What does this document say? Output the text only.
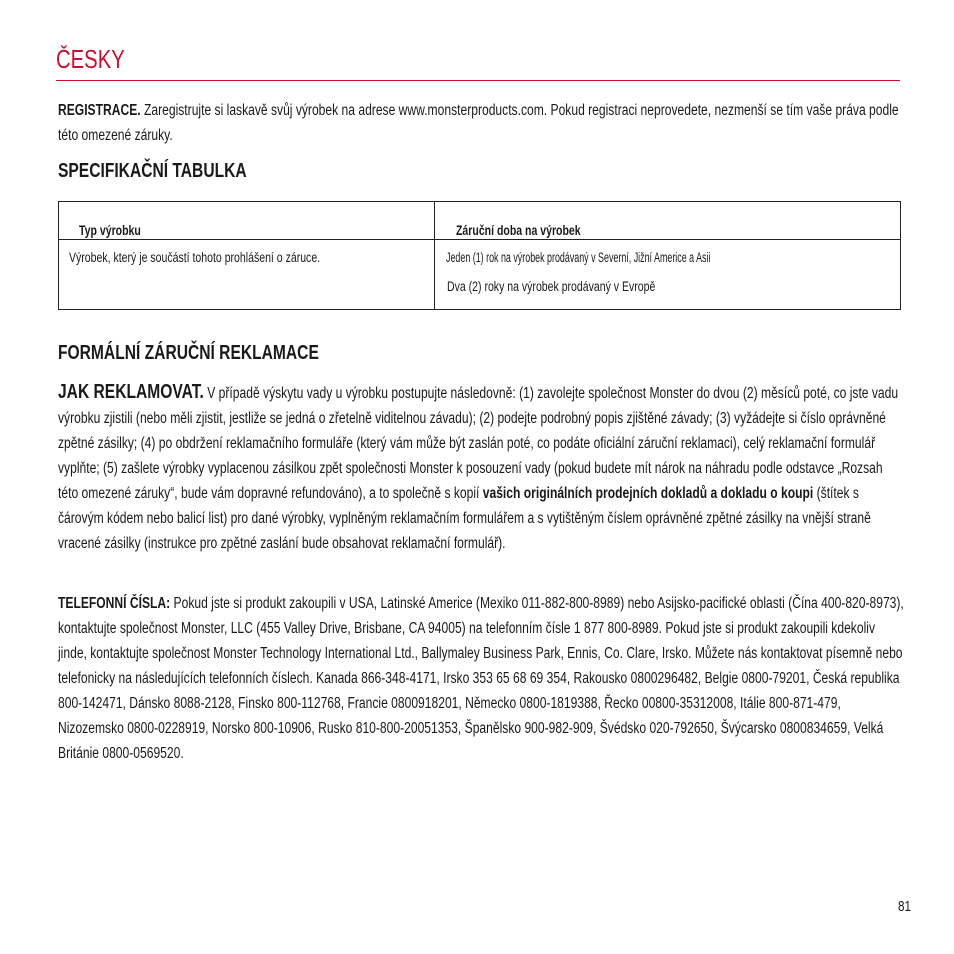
ČESKY
REGISTRACE. Zaregistrujte si laskavě svůj výrobek na adrese www.monsterproducts.com. Pokud registraci neprovedete, nezmenší se tím vaše práva podle této omezené záruky.
SPECIFIKAČNÍ TABULKA
Typ výrobku	Záruční doba na výrobek

Výrobek, který je součástí tohoto prohlášení o záruce.	Jeden (1) rok na výrobek prodávaný v Severní, Jižní Americe a Asii
Dva (2) roky na výrobek prodávaný v Evropě
FORMÁLNÍ ZÁRUČNÍ REKLAMACE
JAK REKLAMOVAT. V případě výskytu vady u výrobku postupujte následovně: (1) zavolejte společnost Monster do dvou (2) měsíců poté, co jste vadu výrobku zjistili (nebo měli zjistit, jestliže se jedná o zřetelně viditelnou závadu); (2) podejte podrobný popis zjištěné závady; (3) vyžádejte si číslo oprávněné zpětné zásilky; (4) po obdržení reklamačního formuláře (který vám může být zaslán poté, co podáte oficiální záruční reklamaci), celý reklamační formulář vyplňte; (5) zašlete výrobky vyplacenou zásilkou zpět společnosti Monster k posouzení vady (pokud budete mít nárok na náhradu podle odstavce „Rozsah této omezené záruky“, bude vám dopravné refundováno), a to společně s kopií vašich originálních prodejních dokladů a dokladu o koupi (štítek s čárovým kódem nebo balicí list) pro dané výrobky, vyplněným reklamačním formulářem a s vytištěným číslem oprávněné zpětné zásilky na vnější straně vracené zásilky (instrukce pro zpětné zaslání bude obsahovat reklamační formulář).
TELEFONNÍ ČÍSLA: Pokud jste si produkt zakoupili v USA, Latinské Americe (Mexiko 011-882-800-8989) nebo Asijsko-pacifické oblasti (Čína 400-820-8973), kontaktujte společnost Monster, LLC (455 Valley Drive, Brisbane, CA 94005) na telefonním čísle 1 877 800-8989. Pokud jste si produkt zakoupili kdekoliv jinde, kontaktujte společnost Monster Technology International Ltd., Ballymaley Business Park, Ennis, Co. Clare, Irsko. Můžete nás kontaktovat písemně nebo telefonicky na následujících telefonních číslech. Kanada 866-348-4171, Irsko 353 65 68 69 354, Rakousko 0800296482, Belgie 0800-79201, Česká republika 800-142471, Dánsko 8088-2128, Finsko 800-112768, Francie 0800918201, Německo 0800-1819388, Řecko 00800-35312008, Itálie 800-871-479, Nizozemsko 0800-0228919, Norsko 800-10906, Rusko 810-800-20051353, Španělsko 900-982-909, Švédsko 020-792650, Švýcarsko 0800834659, Velká Británie 0800-0569520.
81
